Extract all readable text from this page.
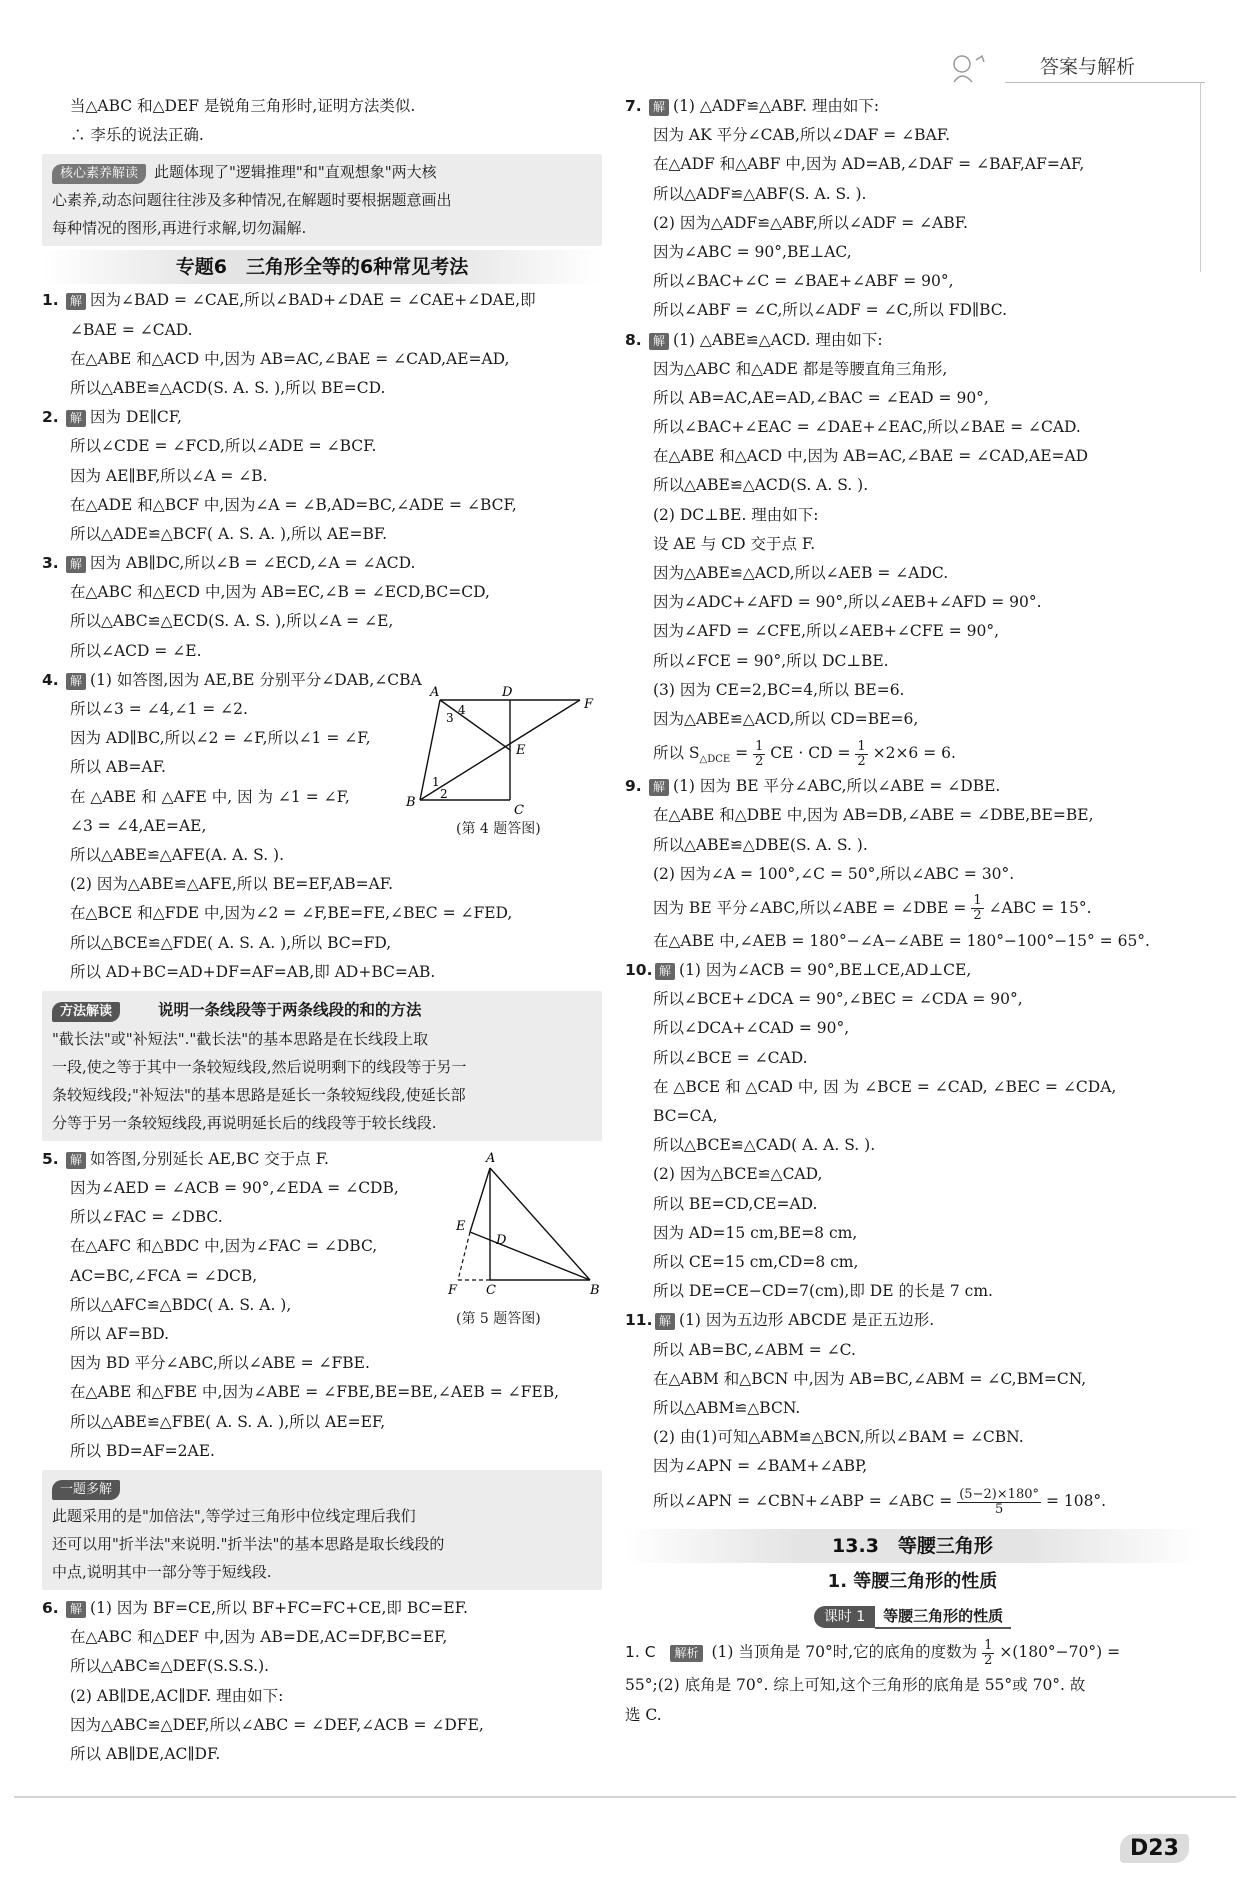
答案与解析
当△ABC 和△DEF 是锐角三角形时,证明方法类似.
∴ 李乐的说法正确.
核心素养解读 此题体现了"逻辑推理"和"直观想象"两大核
心素养,动态问题往往涉及多种情况,在解题时要根据题意画出
每种情况的图形,再进行求解,切勿漏解.
专题6　三角形全等的6种常见考法
1. 解 因为∠BAD = ∠CAE,所以∠BAD+∠DAE = ∠CAE+∠DAE,即
∠BAE = ∠CAD.
在△ABE 和△ACD 中,因为 AB=AC,∠BAE = ∠CAD,AE=AD,
所以△ABE≌△ACD(S. A. S. ),所以 BE=CD.
2. 解 因为 DE∥CF,
所以∠CDE = ∠FCD,所以∠ADE = ∠BCF.
因为 AE∥BF,所以∠A = ∠B.
在△ADE 和△BCF 中,因为∠A = ∠B,AD=BC,∠ADE = ∠BCF,
所以△ADE≌△BCF( A. S. A. ),所以 AE=BF.
3. 解 因为 AB∥DC,所以∠B = ∠ECD,∠A = ∠ACD.
在△ABC 和△ECD 中,因为 AB=EC,∠B = ∠ECD,BC=CD,
所以△ABC≌△ECD(S. A. S. ),所以∠A = ∠E,
所以∠ACD = ∠E.
4. 解 (1) 如答图,因为 AE,BE 分别平分∠DAB,∠CBA
所以∠3 = ∠4,∠1 = ∠2.
因为 AD∥BC,所以∠2 = ∠F,所以∠1 = ∠F,
所以 AB=AF.
在 △ABE 和 △AFE 中, 因 为 ∠1 = ∠F,
∠3 = ∠4,AE=AE,
所以△ABE≌△AFE(A. A. S. ).
(2) 因为△ABE≌△AFE,所以 BE=EF,AB=AF.
在△BCE 和△FDE 中,因为∠2 = ∠F,BE=FE,∠BEC = ∠FED,
所以△BCE≌△FDE( A. S. A. ),所以 BC=FD,
所以 AD+BC=AD+DF=AF=AB,即 AD+BC=AB.
方法解读	说明一条线段等于两条线段的和的方法
"截长法"或"补短法"."截长法"的基本思路是在长线段上取
一段,使之等于其中一条较短线段,然后说明剩下的线段等于另一
条较短线段;"补短法"的基本思路是延长一条较短线段,使延长部
分等于另一条较短线段,再说明延长后的线段等于较长线段.
5. 解 如答图,分别延长 AE,BC 交于点 F.
因为∠AED = ∠ACB = 90°,∠EDA = ∠CDB,
所以∠FAC = ∠DBC.
在△AFC 和△BDC 中,因为∠FAC = ∠DBC,
AC=BC,∠FCA = ∠DCB,
所以△AFC≌△BDC( A. S. A. ),
所以 AF=BD.
因为 BD 平分∠ABC,所以∠ABE = ∠FBE.
在△ABE 和△FBE 中,因为∠ABE = ∠FBE,BE=BE,∠AEB = ∠FEB,
所以△ABE≌△FBE( A. S. A. ),所以 AE=EF,
所以 BD=AF=2AE.
一题多解
此题采用的是"加倍法",等学过三角形中位线定理后我们
还可以用"折半法"来说明."折半法"的基本思路是取长线段的
中点,说明其中一部分等于短线段.
6. 解 (1) 因为 BF=CE,所以 BF+FC=FC+CE,即 BC=EF.
在△ABC 和△DEF 中,因为 AB=DE,AC=DF,BC=EF,
所以△ABC≌△DEF(S.S.S.).
(2) AB∥DE,AC∥DF. 理由如下:
因为△ABC≌△DEF,所以∠ABC = ∠DEF,∠ACB = ∠DFE,
所以 AB∥DE,AC∥DF.
A	D
F
E
B
C
3
4
1
2
(第 4 题答图)
A
E
D
F C	B
(第 5 题答图)
7. 解 (1) △ADF≌△ABF. 理由如下:
因为 AK 平分∠CAB,所以∠DAF = ∠BAF.
在△ADF 和△ABF 中,因为 AD=AB,∠DAF = ∠BAF,AF=AF,
所以△ADF≌△ABF(S. A. S. ).
(2) 因为△ADF≌△ABF,所以∠ADF = ∠ABF.
因为∠ABC = 90°,BE⊥AC,
所以∠BAC+∠C = ∠BAE+∠ABF = 90°,
所以∠ABF = ∠C,所以∠ADF = ∠C,所以 FD∥BC.
8. 解 (1) △ABE≌△ACD. 理由如下:
因为△ABC 和△ADE 都是等腰直角三角形,
所以 AB=AC,AE=AD,∠BAC = ∠EAD = 90°,
所以∠BAC+∠EAC = ∠DAE+∠EAC,所以∠BAE = ∠CAD.
在△ABE 和△ACD 中,因为 AB=AC,∠BAE = ∠CAD,AE=AD
所以△ABE≌△ACD(S. A. S. ).
(2) DC⊥BE. 理由如下:
设 AE 与 CD 交于点 F.
因为△ABE≌△ACD,所以∠AEB = ∠ADC.
因为∠ADC+∠AFD = 90°,所以∠AEB+∠AFD = 90°.
因为∠AFD = ∠CFE,所以∠AEB+∠CFE = 90°,
所以∠FCE = 90°,所以 DC⊥BE.
(3) 因为 CE=2,BC=4,所以 BE=6.
因为△ABE≌△ACD,所以 CD=BE=6,
所以 $S_{\triangle DCE} = \frac{1}{2}$ CE · CD = $\frac{1}{2} \times 2\times 6 = 6$.
9. 解 (1) 因为 BE 平分∠ABC,所以∠ABE = ∠DBE.
在△ABE 和△DBE 中,因为 AB=DB,∠ABE = ∠DBE,BE=BE,
所以△ABE≌△DBE(S. A. S. ).
(2) 因为∠A = 100°,∠C = 50°,所以∠ABC = 30°.
因为 BE 平分∠ABC,所以∠ABE = ∠DBE = $\frac{1}{2}$ ∠ABC = 15°.
在△ABE 中,∠AEB = 180°−∠A−∠ABE = 180°−100°−15° = 65°.
10. 解 (1) 因为∠ACB = 90°,BE⊥CE,AD⊥CE,
所以∠BCE+∠DCA = 90°,∠BEC = ∠CDA = 90°,
所以∠DCA+∠CAD = 90°,
所以∠BCE = ∠CAD.
在 △BCE 和 △CAD 中, 因 为 ∠BCE = ∠CAD, ∠BEC = ∠CDA,
BC=CA,
所以△BCE≌△CAD( A. A. S. ).
(2) 因为△BCE≌△CAD,
所以 BE=CD,CE=AD.
因为 AD=15 cm,BE=8 cm,
所以 CE=15 cm,CD=8 cm,
所以 DE=CE−CD=7(cm),即 DE 的长是 7 cm.
11. 解 (1) 因为五边形 ABCDE 是正五边形.
所以 AB=BC,∠ABM = ∠C.
在△ABM 和△BCN 中,因为 AB=BC,∠ABM = ∠C,BM=CN,
所以△ABM≌△BCN.
(2) 由(1)可知△ABM≌△BCN,所以∠BAM = ∠CBN.
因为∠APN = ∠BAM+∠ABP,
所以∠APN = ∠CBN+∠ABP = ∠ABC = $\frac{(5-2)\times 180^\circ}{5} = 108^\circ$.
13.3　等腰三角形
1. 等腰三角形的性质
课时 1 等腰三角形的性质
1. C 解析 (1) 当顶角是 70°时,它的底角的度数为 $\frac{1}{2} \times(180^\circ-70^\circ)$ =
55°;(2) 底角是 70°. 综上可知,这个三角形的底角是 55°或 70°. 故
选 C.
D23
